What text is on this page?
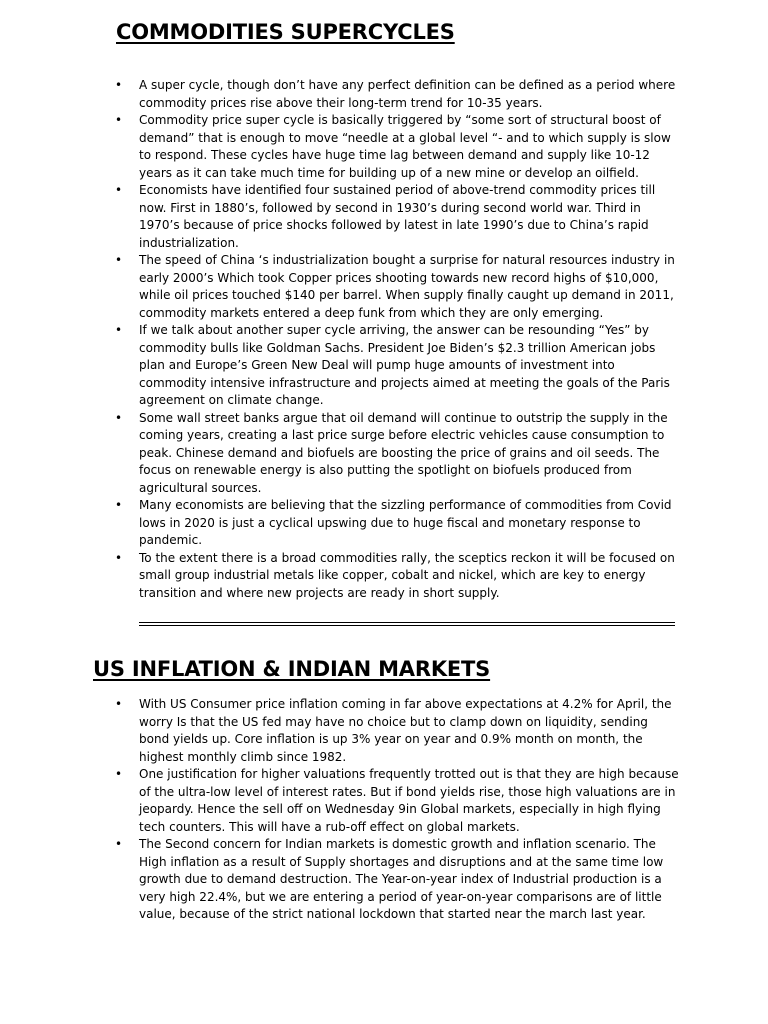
COMMODITIES SUPERCYCLES
• A super cycle, though don’t have any perfect definition can be defined as a period where commodity prices rise above their long-term trend for 10-35 years.
• Commodity price super cycle is basically triggered by “some sort of structural boost of demand” that is enough to move “needle at a global level “- and to which supply is slow to respond. These cycles have huge time lag between demand and supply like 10-12 years as it can take much time for building up of a new mine or develop an oilfield.
• Economists have identified four sustained period of above-trend commodity prices till now. First in 1880’s, followed by second in 1930’s during second world war. Third in 1970’s because of price shocks followed by latest in late 1990’s due to China’s rapid industrialization.
• The speed of China ‘s industrialization bought a surprise for natural resources industry in early 2000’s Which took Copper prices shooting towards new record highs of $10,000, while oil prices touched $140 per barrel. When supply finally caught up demand in 2011, commodity markets entered a deep funk from which they are only emerging.
• If we talk about another super cycle arriving, the answer can be resounding “Yes” by commodity bulls like Goldman Sachs. President Joe Biden’s $2.3 trillion American jobs plan and Europe’s Green New Deal will pump huge amounts of investment into commodity intensive infrastructure and projects aimed at meeting the goals of the Paris agreement on climate change.
• Some wall street banks argue that oil demand will continue to outstrip the supply in the coming years, creating a last price surge before electric vehicles cause consumption to peak. Chinese demand and biofuels are boosting the price of grains and oil seeds. The focus on renewable energy is also putting the spotlight on biofuels produced from agricultural sources.
• Many economists are believing that the sizzling performance of commodities from Covid lows in 2020 is just a cyclical upswing due to huge fiscal and monetary response to pandemic.
• To the extent there is a broad commodities rally, the sceptics reckon it will be focused on small group industrial metals like copper, cobalt and nickel, which are key to energy transition and where new projects are ready in short supply.
US INFLATION & INDIAN MARKETS
• With US Consumer price inflation coming in far above expectations at 4.2% for April, the worry Is that the US fed may have no choice but to clamp down on liquidity, sending bond yields up. Core inflation is up 3% year on year and 0.9% month on month, the highest monthly climb since 1982.
• One justification for higher valuations frequently trotted out is that they are high because of the ultra-low level of interest rates. But if bond yields rise, those high valuations are in jeopardy. Hence the sell off on Wednesday 9in Global markets, especially in high flying tech counters. This will have a rub-off effect on global markets.
• The Second concern for Indian markets is domestic growth and inflation scenario. The High inflation as a result of Supply shortages and disruptions and at the same time low growth due to demand destruction. The Year-on-year index of Industrial production is a very high 22.4%, but we are entering a period of year-on-year comparisons are of little value, because of the strict national lockdown that started near the march last year.
